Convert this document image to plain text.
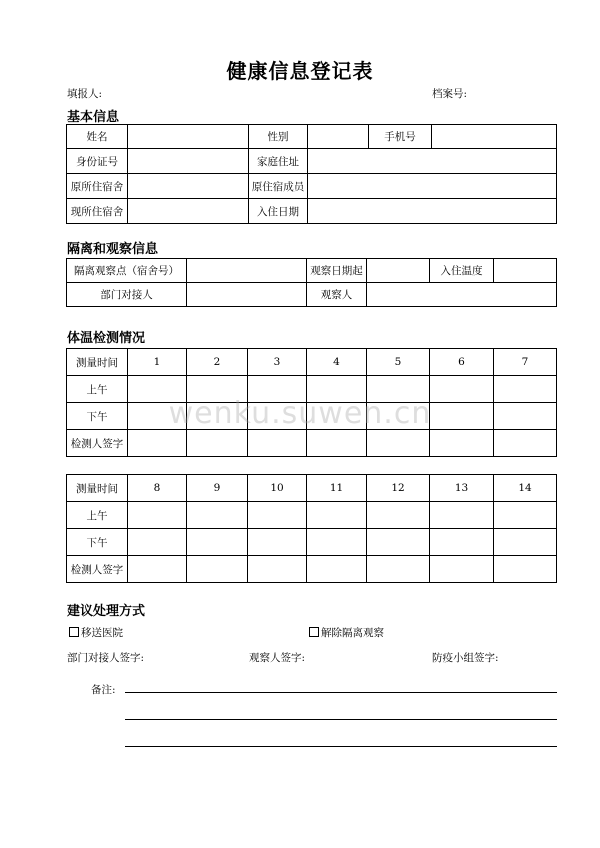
健康信息登记表
填报人:	档案号:
基本信息
姓名		性别		手机号	
身份证号		家庭住址			
原所住宿舍		原住宿成员			
现所住宿舍		入住日期			
隔离和观察信息
隔离观察点（宿舍号）		观察日期起		入住温度	
部门对接人		观察人			
体温检测情况
测量时间	1	2	3	4	5	6	7
上午							
下午							
检测人签字							
测量时间	8	9	10	11	12	13	14
上午							
下午							
检测人签字							
wenku.suwen.cn
建议处理方式
移送医院	解除隔离观察
部门对接人签字:	观察人签字:	防疫小组签字:
备注:
